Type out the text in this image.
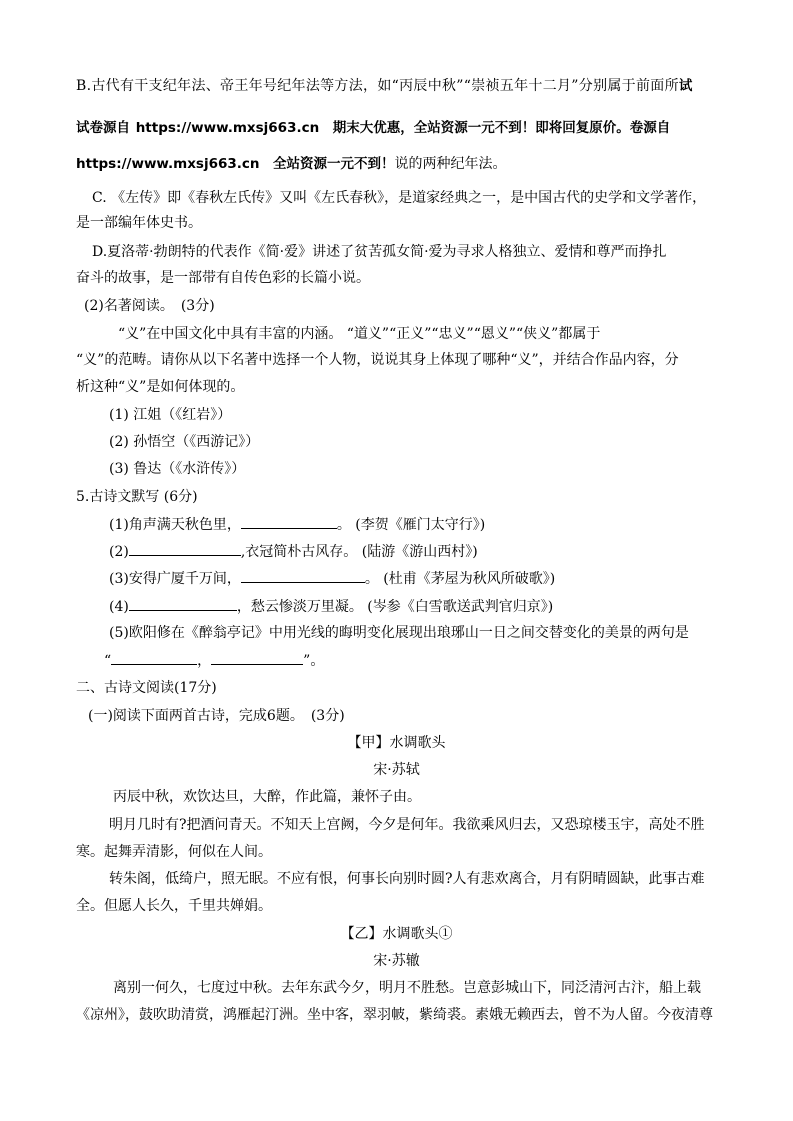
B.古代有干支纪年法、帝王年号纪年法等方法，如“丙辰中秋”“崇祯五年十二月”分别属于前面所试
试卷源自 https://www.mxsj663.cn　期末大优惠，全站资源一元不到！即将回复原价。卷源自
https://www.mxsj663.cn　全站资源一元不到！说的两种纪年法。
C. 《左传》即《春秋左氏传》又叫《左氏春秋》，是道家经典之一，是中国古代的史学和文学著作，
是一部编年体史书。
D.夏洛蒂·勃朗特的代表作《简·爱》讲述了贫苦孤女简·爱为寻求人格独立、爱情和尊严而挣扎
奋斗的故事，是一部带有自传色彩的长篇小说。
(2)名著阅读。　(3分)
“义”在中国文化中具有丰富的内涵。 “道义”“正义”“忠义”“恩义”“侠义”都属于
“义”的范畴。请你从以下名著中选择一个人物，说说其身上体现了哪种“义”，并结合作品内容，分
析这种“义”是如何体现的。
(1) 江姐（《红岩》）
(2) 孙悟空（《西游记》）
(3) 鲁达（《水浒传》）
5.古诗文默写 (6分)
(1)角声满天秋色里，	。 (李贺《雁门太守行》)
(2)	,衣冠简朴古风存。 (陆游《游山西村》)
(3)安得广厦千万间，	。 (杜甫《茅屋为秋风所破歌》)
(4)	，愁云惨淡万里凝。 (岑参《白雪歌送武判官归京》)
(5)欧阳修在《醉翁亭记》中用光线的晦明变化展现出琅琊山一日之间交替变化的美景的两句是
“	，	”。
二、古诗文阅读(17分)
(一)阅读下面两首古诗，完成6题。　(3分)
【甲】水调歌头
宋·苏轼
丙辰中秋，欢饮达旦，大醉，作此篇，兼怀子由。
明月几时有?把酒问青天。不知天上宫阙，今夕是何年。我欲乘风归去，又恐琼楼玉宇，高处不胜
寒。起舞弄清影，何似在人间。
转朱阁，低绮户，照无眠。不应有恨，何事长向别时圆?人有悲欢离合，月有阴晴圆缺，此事古难
全。但愿人长久，千里共婵娟。
【乙】水调歌头①
宋·苏辙
离别一何久，七度过中秋。去年东武今夕，明月不胜愁。岂意彭城山下，同泛清河古汴，船上载
《凉州》，鼓吹助清赏，鸿雁起汀洲。坐中客，翠羽帔，紫绮裘。素娥无赖西去，曾不为人留。今夜清尊
